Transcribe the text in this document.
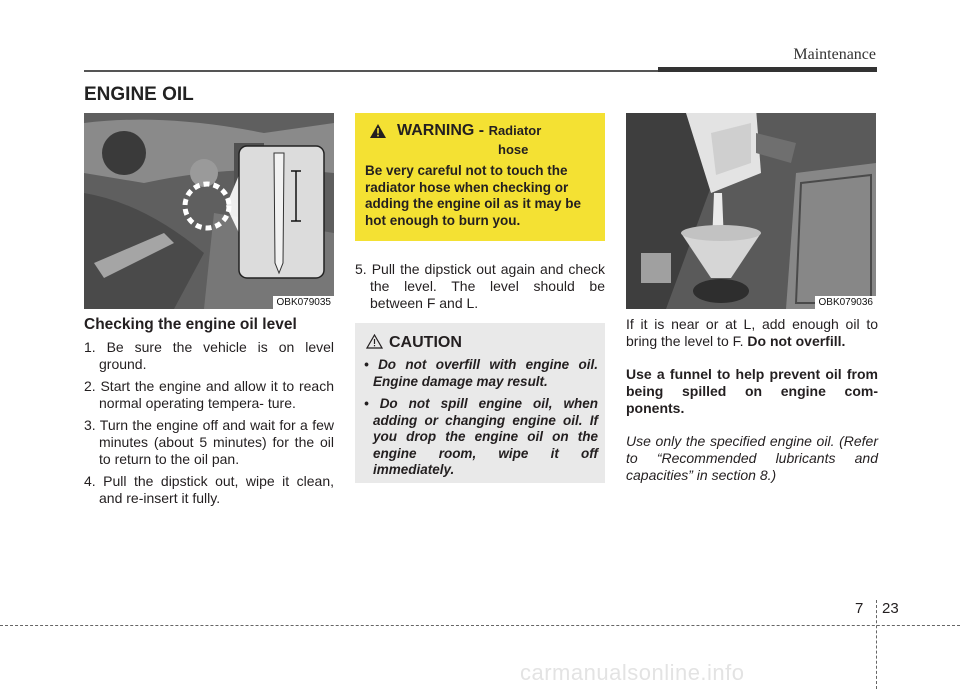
Maintenance
ENGINE OIL
OBK079035
Checking the engine oil level
1. Be sure the vehicle is on level ground.
2. Start the engine and allow it to reach normal operating tempera- ture.
3. Turn the engine off and wait for a few minutes (about 5 minutes) for the oil to return to the oil pan.
4. Pull the dipstick out, wipe it clean, and re-insert it fully.
WARNING - Radiator
hose
Be very careful not to touch the radiator hose when checking or adding the engine oil as it may be hot enough to burn you.
5. Pull the dipstick out again and check the level. The level should be between F and L.
CAUTION
• Do not overfill with engine oil. Engine damage may result.
• Do not spill engine oil, when adding or changing engine oil. If you drop the engine oil on the engine room, wipe it off immediately.
OBK079036

If it is near or at L, add enough oil to bring the level to F. Do not overfill.

Use a funnel to help prevent oil from being spilled on engine com- ponents.

Use only the specified engine oil. (Refer to “Recommended lubricants and capacities” in section 8.)

7 23
carmanualsonline.info
